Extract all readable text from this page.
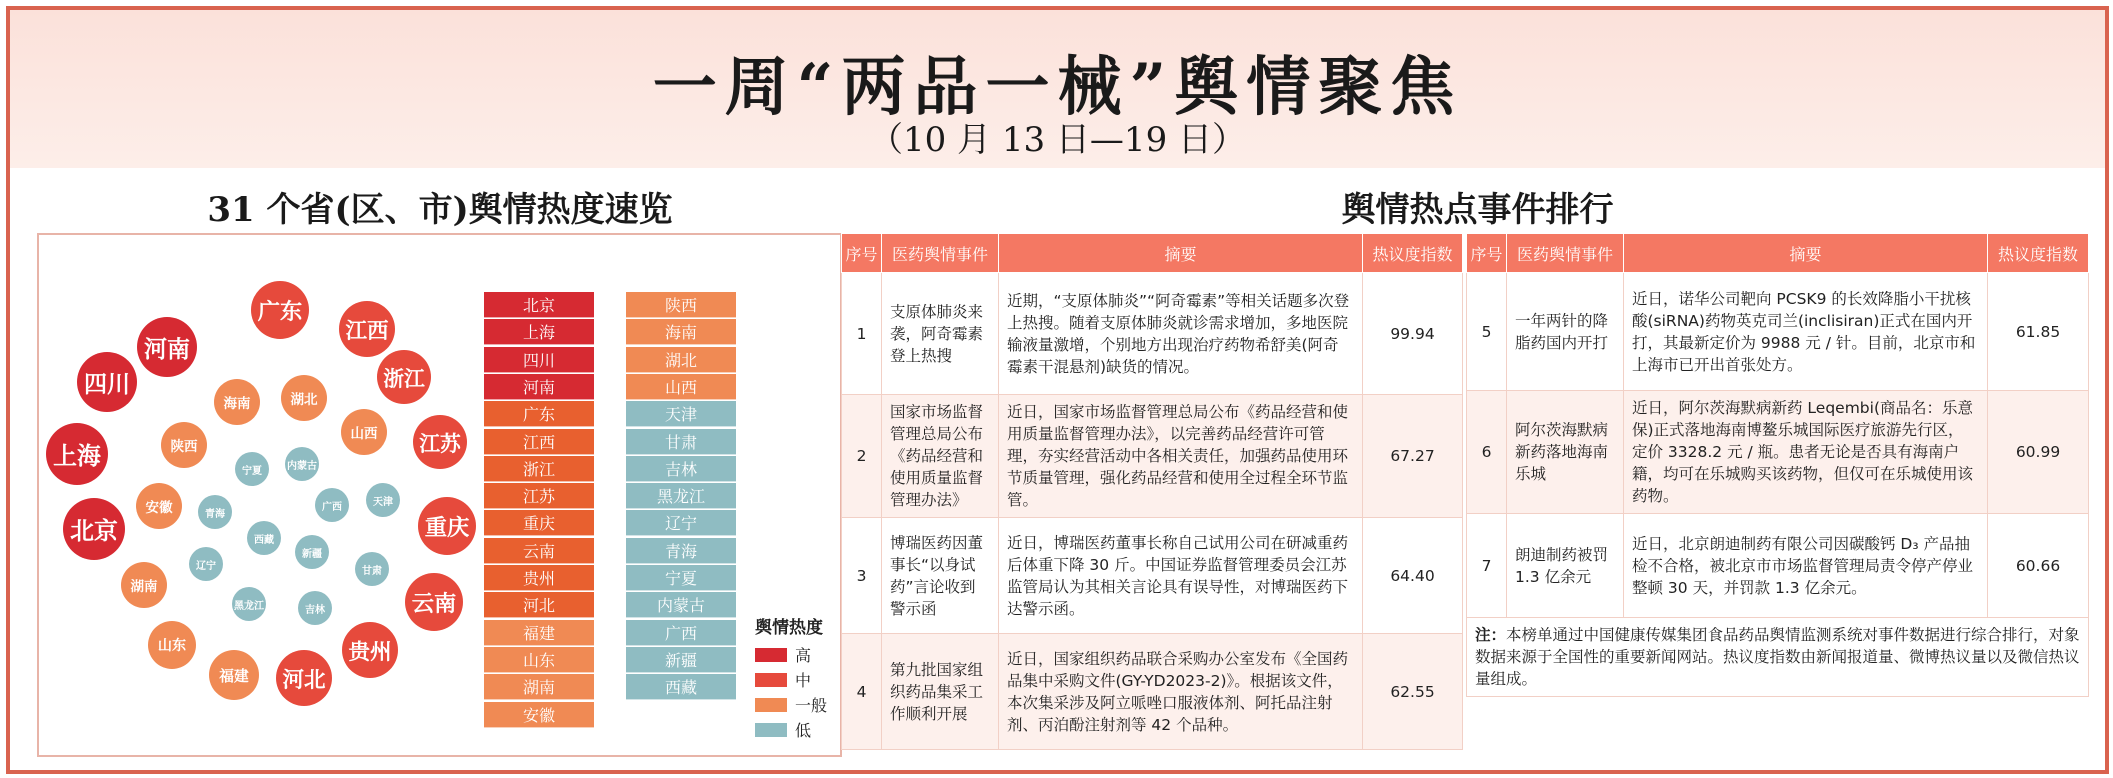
一周“两品一械”舆情聚焦
（10 月 13 日—19 日）
31 个省(区、市)舆情热度速览	舆情热点事件排行
河南
广东
江西
四川	浙江
海南	湖北
山西	江苏
上海	陕西
宁夏	内蒙古
安徽	青海
广西	天津
重庆
北京	西藏
新疆
辽宁	甘肃
湖南
黑龙江	吉林	云南
山东
福建	河北
贵州
北京
上海
四川
河南
广东
江西
浙江
江苏
重庆
云南
贵州
河北
福建
山东
湖南
安徽
陕西
海南
湖北
山西
天津
甘肃
吉林
黑龙江
辽宁
青海
宁夏
内蒙古
广西
新疆
西藏
舆情热度
高
中
一般
低
序号	医药舆情事件	摘要	热议度指数
1	支原体肺炎来袭，阿奇霉素登上热搜	近期，“支原体肺炎”“阿奇霉素”等相关话题多次登上热搜。随着支原体肺炎就诊需求增加，多地医院输液量激增，个别地方出现治疗药物希舒美(阿奇霉素干混悬剂)缺货的情况。	99.94
2	国家市场监督管理总局公布《药品经营和使用质量监督管理办法》	近日，国家市场监督管理总局公布《药品经营和使用质量监督管理办法》，以完善药品经营许可管理，夯实经营活动中各相关责任，加强药品使用环节质量管理，强化药品经营和使用全过程全环节监管。	67.27
3	博瑞医药因董事长“以身试药”言论收到警示函	近日，博瑞医药董事长称自己试用公司在研减重药后体重下降 30 斤。中国证券监督管理委员会江苏监管局认为其相关言论具有误导性，对博瑞医药下达警示函。	64.40
4	第九批国家组织药品集采工作顺利开展	近日，国家组织药品联合采购办公室发布《全国药品集中采购文件(GY-YD2023-2)》。根据该文件，本次集采涉及阿立哌唑口服液体剂、阿托品注射剂、丙泊酚注射剂等 42 个品种。	62.55
序号	医药舆情事件	摘要	热议度指数
5	一年两针的降脂药国内开打	近日，诺华公司靶向 PCSK9 的长效降脂小干扰核酸(siRNA)药物英克司兰(inclisiran)正式在国内开打，其最新定价为 9988 元 / 针。目前，北京市和上海市已开出首张处方。	61.85
6	阿尔茨海默病新药落地海南乐城	近日，阿尔茨海默病新药 Leqembi(商品名：乐意保)正式落地海南博鳌乐城国际医疗旅游先行区，定价 3328.2 元 / 瓶。患者无论是否具有海南户籍，均可在乐城购买该药物，但仅可在乐城使用该药物。	60.99
7	朗迪制药被罚 1.3 亿余元	近日，北京朗迪制药有限公司因碳酸钙 D₃ 产品抽检不合格，被北京市市场监督管理局责令停产停业整顿 30 天，并罚款 1.3 亿余元。	60.66
注：本榜单通过中国健康传媒集团食品药品舆情监测系统对事件数据进行综合排行，对象数据来源于全国性的重要新闻网站。热议度指数由新闻报道量、微博热议量以及微信热议量组成。			
